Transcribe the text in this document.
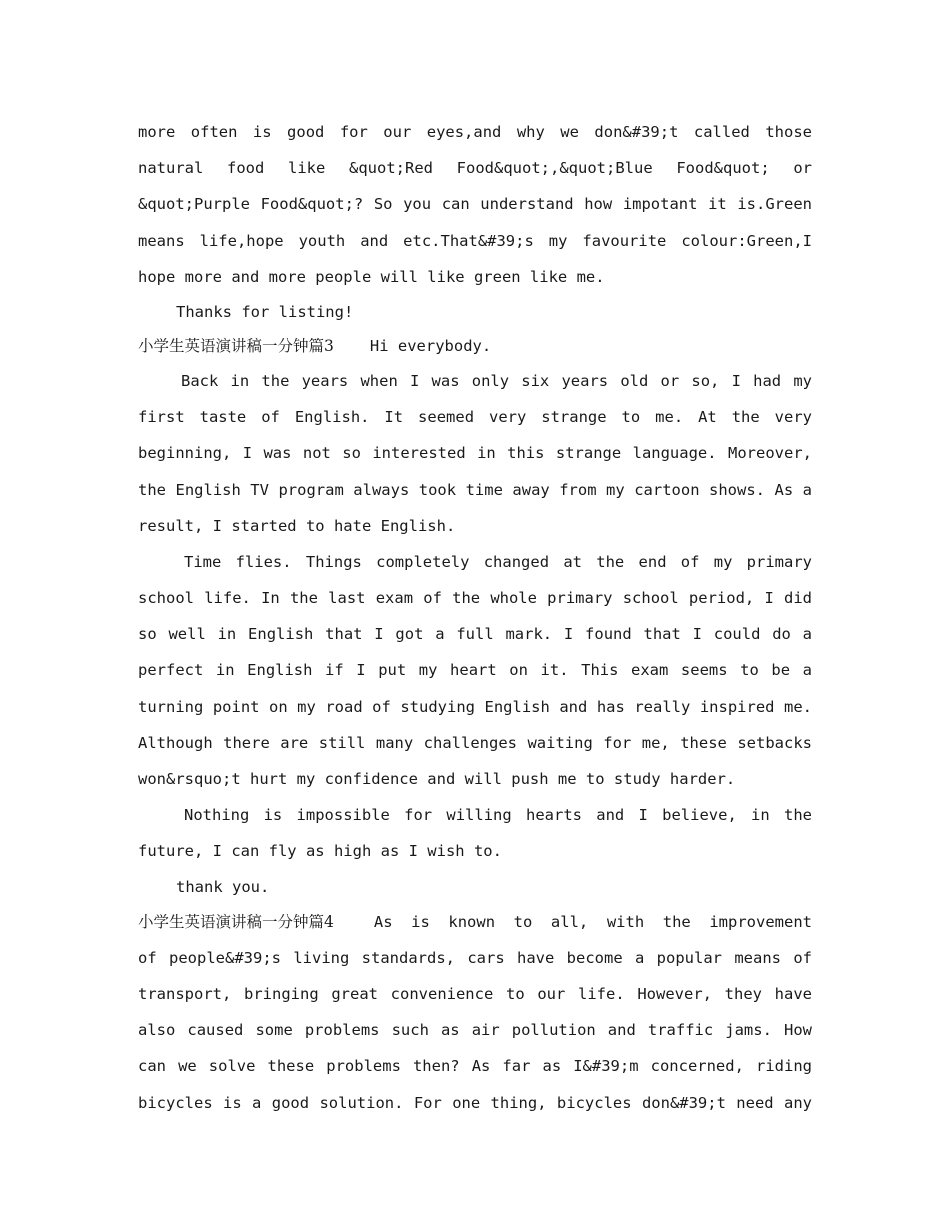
more often is good for our eyes,and why we don&#39;t called those
natural food like &quot;Red Food&quot;,&quot;Blue Food&quot; or
&quot;Purple Food&quot;? So you can understand how impotant it is.Green
means life,hope youth and etc.That&#39;s my favourite colour:Green,I
hope more and more people will like green like me.
Thanks for listing!
小学生英语演讲稿一分钟篇3 Hi everybody.
Back in the years when I was only six years old or so, I had my
first taste of English. It seemed very strange to me. At the very
beginning, I was not so interested in this strange language. Moreover,
the English TV program always took time away from my cartoon shows. As a
result, I started to hate English.
Time flies. Things completely changed at the end of my primary
school life. In the last exam of the whole primary school period, I did
so well in English that I got a full mark. I found that I could do a
perfect in English if I put my heart on it. This exam seems to be a
turning point on my road of studying English and has really inspired me.
Although there are still many challenges waiting for me, these setbacks
won&rsquo;t hurt my confidence and will push me to study harder.
Nothing is impossible for willing hearts and I believe, in the
future, I can fly as high as I wish to.
thank you.
小学生英语演讲稿一分钟篇4	As is known to all, with the improvement
of people&#39;s living standards, cars have become a popular means of
transport, bringing great convenience to our life. However, they have
also caused some problems such as air pollution and traffic jams. How
can we solve these problems then? As far as I&#39;m concerned, riding
bicycles is a good solution. For one thing, bicycles don&#39;t need any
